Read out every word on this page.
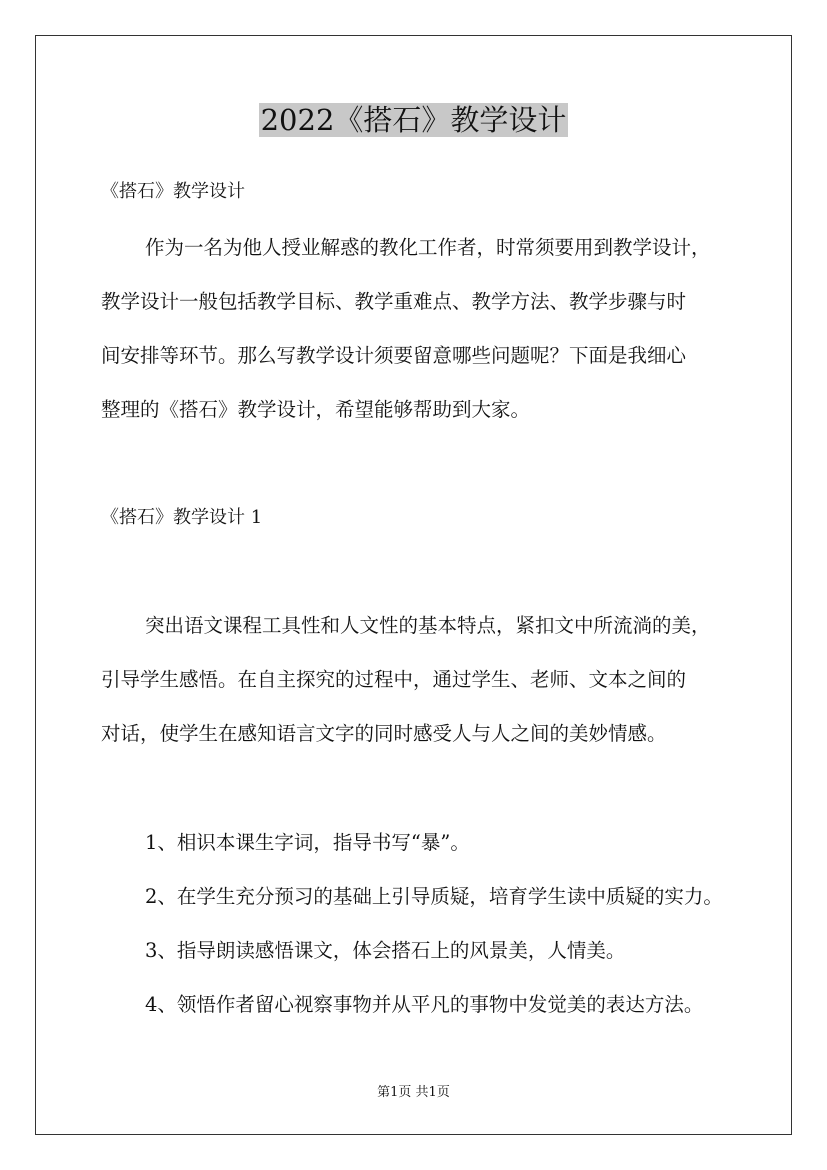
2022《搭石》教学设计
《搭石》教学设计
作为一名为他人授业解惑的教化工作者，时常须要用到教学设计，
教学设计一般包括教学目标、教学重难点、教学方法、教学步骤与时
间安排等环节。那么写教学设计须要留意哪些问题呢？下面是我细心
整理的《搭石》教学设计，希望能够帮助到大家。
《搭石》教学设计 1
突出语文课程工具性和人文性的基本特点，紧扣文中所流淌的美，
引导学生感悟。在自主探究的过程中，通过学生、老师、文本之间的
对话，使学生在感知语言文字的同时感受人与人之间的美妙情感。
1、相识本课生字词，指导书写“暴”。
2、在学生充分预习的基础上引导质疑，培育学生读中质疑的实力。
3、指导朗读感悟课文，体会搭石上的风景美，人情美。
4、领悟作者留心视察事物并从平凡的事物中发觉美的表达方法。
第1页 共1页
